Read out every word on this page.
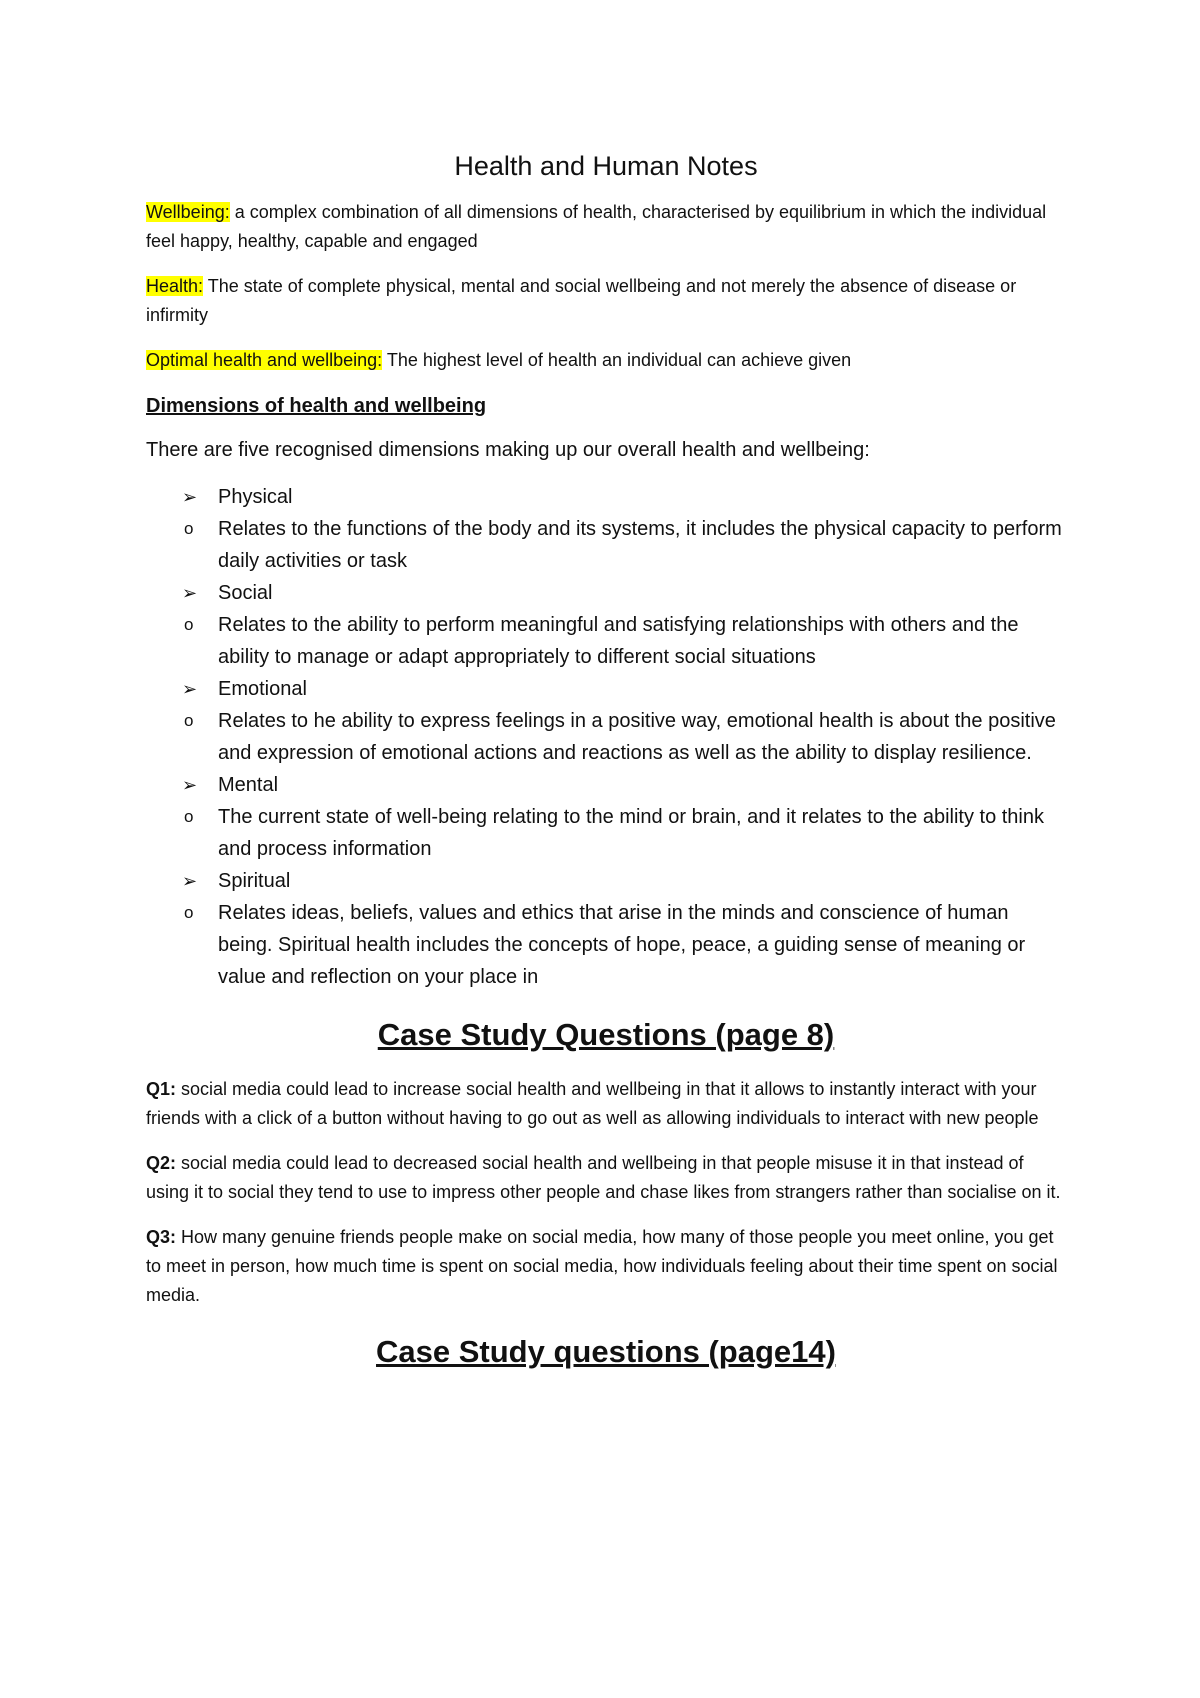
Health and Human Notes

Wellbeing: a complex combination of all dimensions of health, characterised by equilibrium in which the individual feel happy, healthy, capable and engaged

Health: The state of complete physical, mental and social wellbeing and not merely the absence of disease or infirmity

Optimal health and wellbeing: The highest level of health an individual can achieve given

Dimensions of health and wellbeing

There are five recognised dimensions making up our overall health and wellbeing:

➢ Physical
o Relates to the functions of the body and its systems, it includes the physical capacity to perform daily activities or task
➢ Social
o Relates to the ability to perform meaningful and satisfying relationships with others and the ability to manage or adapt appropriately to different social situations
➢ Emotional
o Relates to he ability to express feelings in a positive way, emotional health is about the positive and expression of emotional actions and reactions as well as the ability to display resilience.
➢ Mental
o The current state of well-being relating to the mind or brain, and it relates to the ability to think and process information
➢ Spiritual
o Relates ideas, beliefs, values and ethics that arise in the minds and conscience of human being. Spiritual health includes the concepts of hope, peace, a guiding sense of meaning or value and reflection on your place in
Case Study Questions (page 8)

Q1: social media could lead to increase social health and wellbeing in that it allows to instantly interact with your friends with a click of a button without having to go out as well as allowing individuals to interact with new people

Q2: social media could lead to decreased social health and wellbeing in that people misuse it in that instead of using it to social they tend to use to impress other people and chase likes from strangers rather than socialise on it.

Q3: How many genuine friends people make on social media, how many of those people you meet online, you get to meet in person, how much time is spent on social media, how individuals feeling about their time spent on social media.

Case Study questions (page14)
